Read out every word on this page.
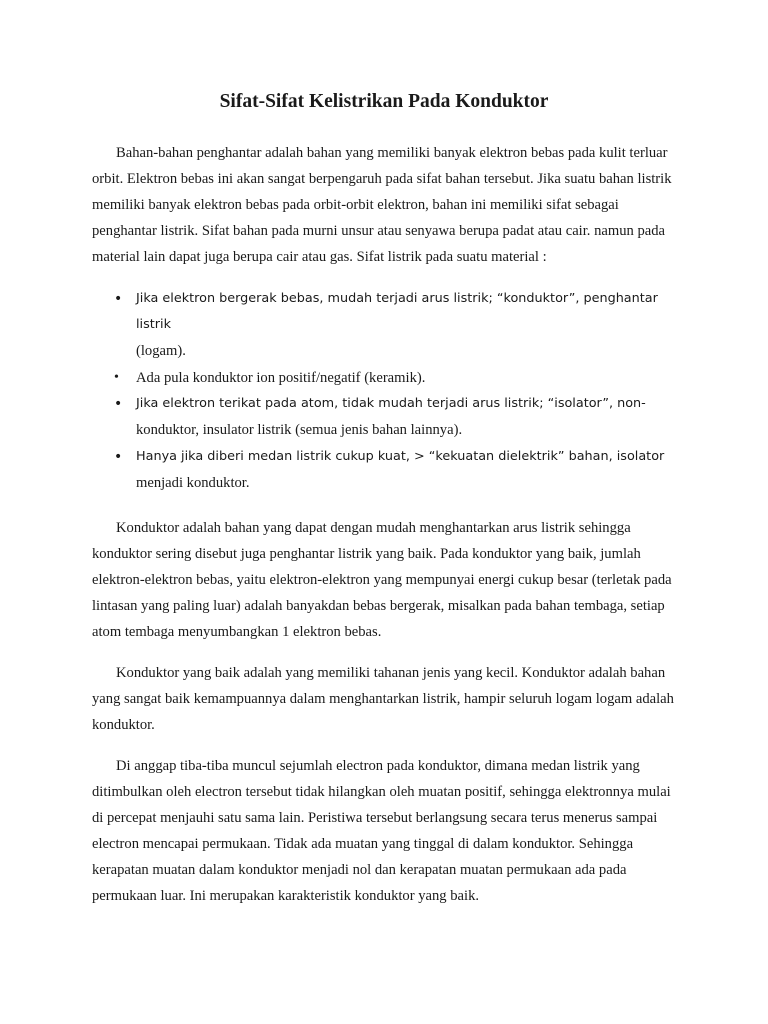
Sifat-Sifat Kelistrikan Pada Konduktor

Bahan-bahan penghantar adalah bahan yang memiliki banyak elektron bebas pada kulit terluar orbit. Elektron bebas ini akan sangat berpengaruh pada sifat bahan tersebut. Jika suatu bahan listrik memiliki banyak elektron bebas pada orbit-orbit elektron, bahan ini memiliki sifat sebagai penghantar listrik. Sifat bahan pada murni unsur atau senyawa berupa padat atau cair. namun pada material lain dapat juga berupa cair atau gas. Sifat listrik pada suatu material :

• Jika elektron bergerak bebas, mudah terjadi arus listrik; “konduktor”, penghantar listrik
(logam).
• Ada pula konduktor ion positif/negatif (keramik).
• Jika elektron terikat pada atom, tidak mudah terjadi arus listrik; “isolator”, non-
konduktor, insulator listrik (semua jenis bahan lainnya).
• Hanya jika diberi medan listrik cukup kuat, > “kekuatan dielektrik” bahan, isolator
menjadi konduktor.

Konduktor adalah bahan yang dapat dengan mudah menghantarkan arus listrik sehingga konduktor sering disebut juga penghantar listrik yang baik. Pada konduktor yang baik, jumlah elektron-elektron bebas, yaitu elektron-elektron yang mempunyai energi cukup besar (terletak pada lintasan yang paling luar) adalah banyakdan bebas bergerak, misalkan pada bahan tembaga, setiap atom tembaga menyumbangkan 1 elektron bebas.

Konduktor yang baik adalah yang memiliki tahanan jenis yang kecil. Konduktor adalah bahan yang sangat baik kemampuannya dalam menghantarkan listrik, hampir seluruh logam logam adalah konduktor.

Di anggap tiba-tiba muncul sejumlah electron pada konduktor, dimana medan listrik yang ditimbulkan oleh electron tersebut tidak hilangkan oleh muatan positif, sehingga elektronnya mulai di percepat menjauhi satu sama lain. Peristiwa tersebut berlangsung secara terus menerus sampai electron mencapai permukaan. Tidak ada muatan yang tinggal di dalam konduktor. Sehingga kerapatan muatan dalam konduktor menjadi nol dan kerapatan muatan permukaan ada pada permukaan luar. Ini merupakan karakteristik konduktor yang baik.
